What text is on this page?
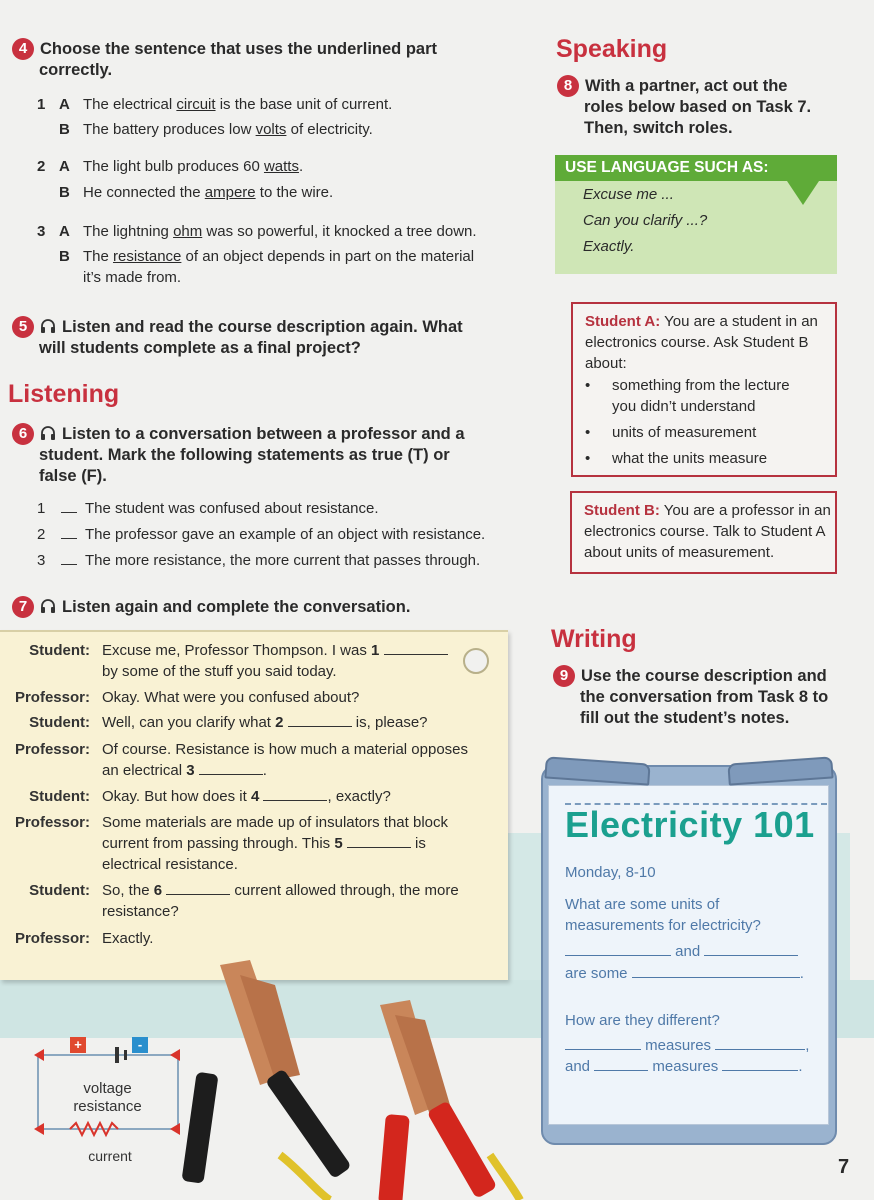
4 Choose the sentence that uses the underlined part
correctly.
1 A The electrical circuit is the base unit of current.
B The battery produces low volts of electricity.
2 A The light bulb produces 60 watts.
B He connected the ampere to the wire.
3 A The lightning ohm was so powerful, it knocked a tree down.
B The resistance of an object depends in part on the material
it’s made from.
5 Listen and read the course description again. What
will students complete as a final project?
Listening
6 Listen to a conversation between a professor and a
student. Mark the following statements as true (T) or
false (F).
1	The student was confused about resistance.
2	The professor gave an example of an object with resistance.
3	The more resistance, the more current that passes through.
7 Listen again and complete the conversation.
Student: Excuse me, Professor Thompson. I was 1
by some of the stuff you said today.
Professor: Okay. What were you confused about?
Student: Well, can you clarify what 2	is, please?
Professor: Of course. Resistance is how much a material opposes
an electrical 3	.
Student: Okay. But how does it 4	, exactly?
Professor: Some materials are made up of insulators that block
current from passing through. This 5	is
electrical resistance.
Student: So, the 6	current allowed through, the more
resistance?
Professor: Exactly.
+	-
voltage
resistance
current
Speaking
8 With a partner, act out the
roles below based on Task 7.
Then, switch roles.
USE LANGUAGE SUCH AS:
Excuse me ...
Can you clarify ...?
Exactly.
Student A: You are a student in an
electronics course. Ask Student B
about:
•	something from the lecture
you didn’t understand
•	units of measurement
•	what the units measure
Student B: You are a professor in an
electronics course. Talk to Student A
about units of measurement.
Writing
9 Use the course description and
the conversation from Task 8 to
fill out the student’s notes.
Electricity 101
Monday, 8-10
What are some units of
measurements for electricity?
and
are some	.
How are they different?
measures	,
and	measures	.
7
